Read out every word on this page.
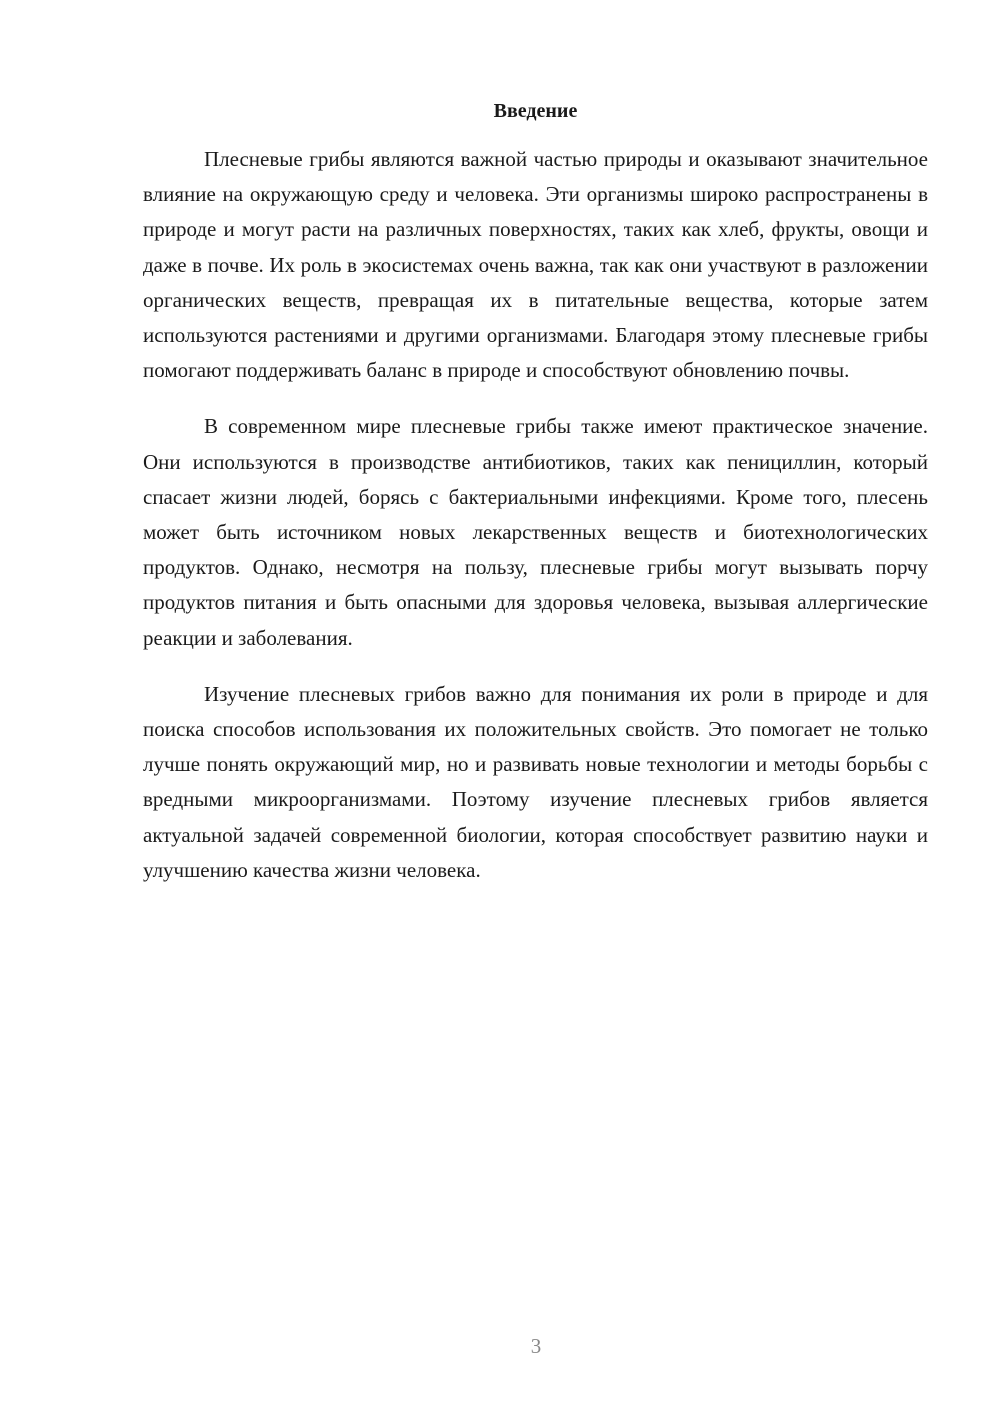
Введение

Плесневые грибы являются важной частью природы и оказывают значительное влияние на окружающую среду и человека. Эти организмы широко распространены в природе и могут расти на различных поверхностях, таких как хлеб, фрукты, овощи и даже в почве. Их роль в экосистемах очень важна, так как они участвуют в разложении органических веществ, превращая их в питательные вещества, которые затем используются растениями и другими организмами. Благодаря этому плесневые грибы помогают поддерживать баланс в природе и способствуют обновлению почвы.

В современном мире плесневые грибы также имеют практическое значение. Они используются в производстве антибиотиков, таких как пенициллин, который спасает жизни людей, борясь с бактериальными инфекциями. Кроме того, плесень может быть источником новых лекарственных веществ и биотехнологических продуктов. Однако, несмотря на пользу, плесневые грибы могут вызывать порчу продуктов питания и быть опасными для здоровья человека, вызывая аллергические реакции и заболевания.

Изучение плесневых грибов важно для понимания их роли в природе и для поиска способов использования их положительных свойств. Это помогает не только лучше понять окружающий мир, но и развивать новые технологии и методы борьбы с вредными микроорганизмами. Поэтому изучение плесневых грибов является актуальной задачей современной биологии, которая способствует развитию науки и улучшению качества жизни человека.

3
